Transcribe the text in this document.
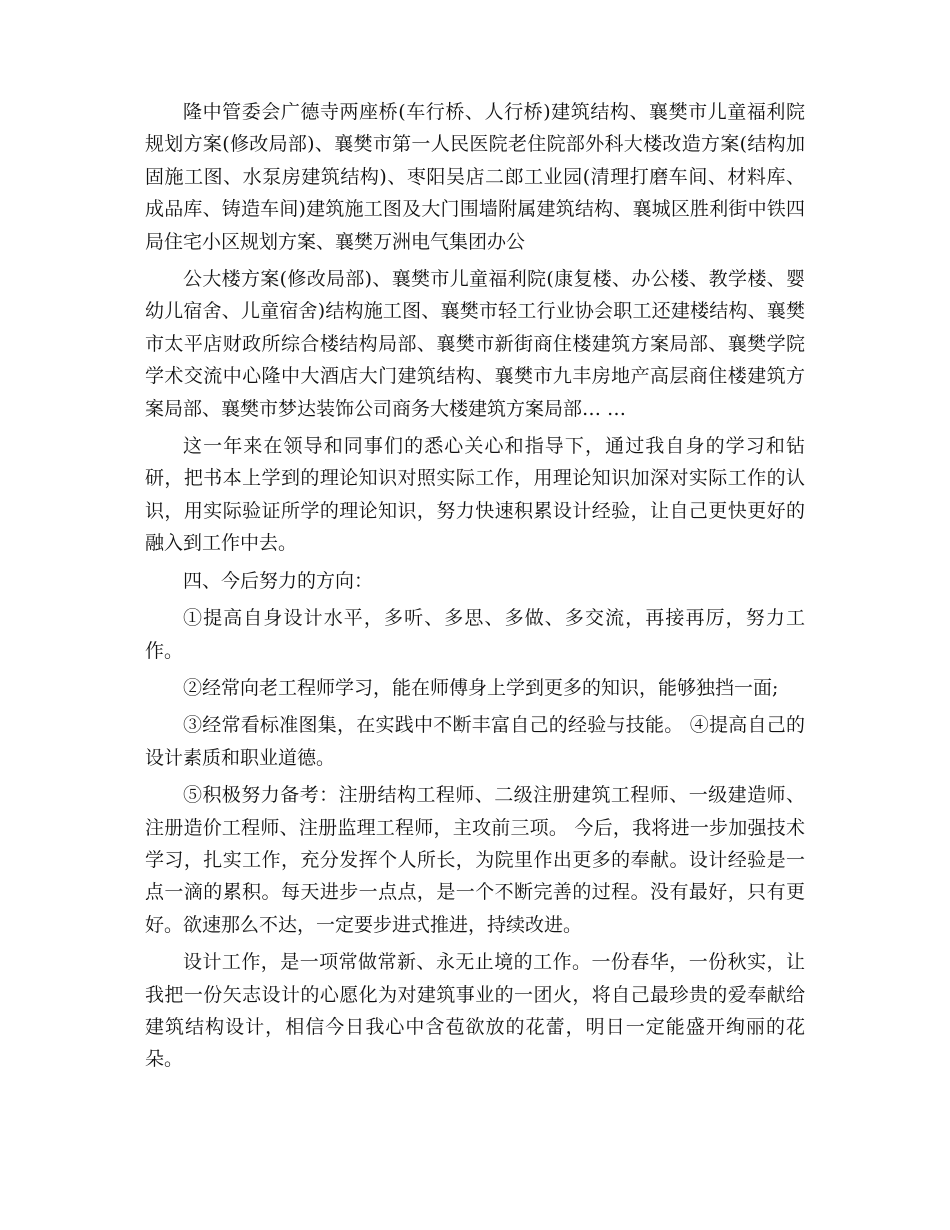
隆中管委会广德寺两座桥(车行桥、人行桥)建筑结构、襄樊市儿童福利院规划方案(修改局部)、襄樊市第一人民医院老住院部外科大楼改造方案(结构加固施工图、水泵房建筑结构)、枣阳吴店二郎工业园(清理打磨车间、材料库、成品库、铸造车间)建筑施工图及大门围墙附属建筑结构、襄城区胜利街中铁四局住宅小区规划方案、襄樊万洲电气集团办公

公大楼方案(修改局部)、襄樊市儿童福利院(康复楼、办公楼、教学楼、婴幼儿宿舍、儿童宿舍)结构施工图、襄樊市轻工行业协会职工还建楼结构、襄樊市太平店财政所综合楼结构局部、襄樊市新街商住楼建筑方案局部、襄樊学院学术交流中心隆中大酒店大门建筑结构、襄樊市九丰房地产高层商住楼建筑方案局部、襄樊市梦达装饰公司商务大楼建筑方案局部… …

这一年来在领导和同事们的悉心关心和指导下，通过我自身的学习和钻研，把书本上学到的理论知识对照实际工作，用理论知识加深对实际工作的认识，用实际验证所学的理论知识，努力快速积累设计经验，让自己更快更好的融入到工作中去。

四、今后努力的方向：

①提高自身设计水平，多听、多思、多做、多交流，再接再厉，努力工作。

②经常向老工程师学习，能在师傅身上学到更多的知识，能够独挡一面;

③经常看标准图集，在实践中不断丰富自己的经验与技能。 ④提高自己的设计素质和职业道德。

⑤积极努力备考：注册结构工程师、二级注册建筑工程师、一级建造师、注册造价工程师、注册监理工程师，主攻前三项。 今后，我将进一步加强技术学习，扎实工作，充分发挥个人所长，为院里作出更多的奉献。设计经验是一点一滴的累积。每天进步一点点，是一个不断完善的过程。没有最好，只有更好。欲速那么不达，一定要步进式推进，持续改进。

设计工作，是一项常做常新、永无止境的工作。一份春华，一份秋实，让我把一份矢志设计的心愿化为对建筑事业的一团火，将自己最珍贵的爱奉献给建筑结构设计，相信今日我心中含苞欲放的花蕾，明日一定能盛开绚丽的花朵。
